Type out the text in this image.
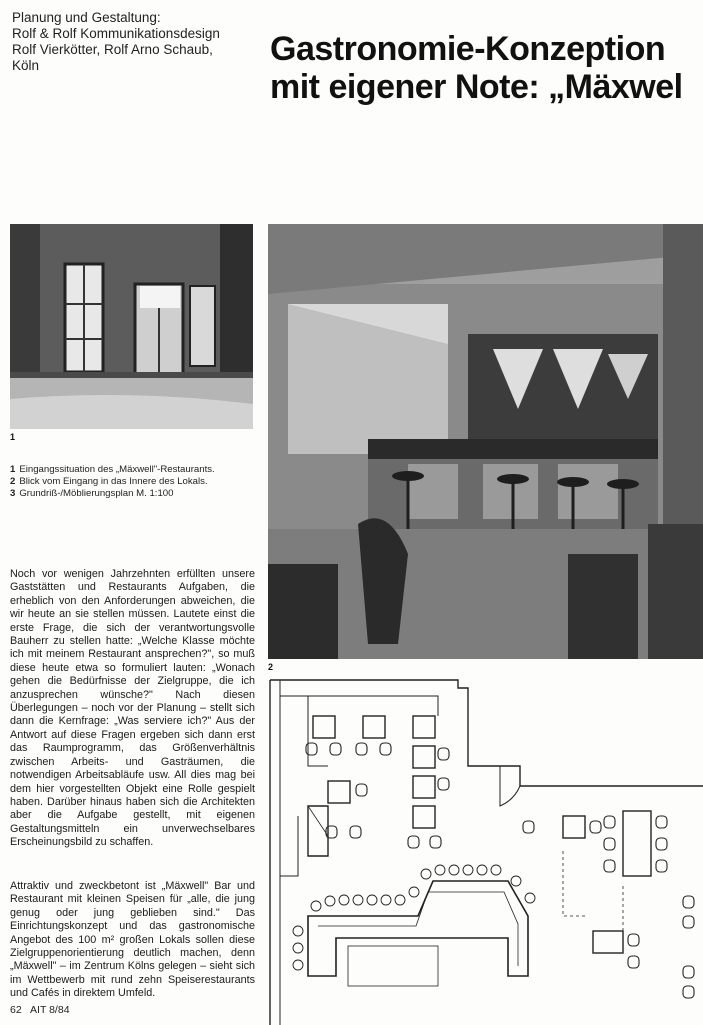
Planung und Gestaltung:
Rolf & Rolf Kommunikationsdesign
Rolf Vierkötter, Rolf Arno Schaub,
Köln	Gastronomie-Konzeption
mit eigener Note: „Mäxwel
1
1 Eingangssituation des „Mäxwell"-Restaurants.
2 Blick vom Eingang in das Innere des Lokals.
3 Grundriß-/Möblierungsplan M. 1:100
2
Noch vor wenigen Jahrzehnten erfüllten unsere Gaststätten und Restaurants Aufgaben, die erheblich von den Anforderungen abweichen, die wir heute an sie stellen müssen. Lautete einst die erste Frage, die sich der verantwortungsvolle Bauherr zu stellen hatte: „Welche Klasse möchte ich mit meinem Restaurant ansprechen?", so muß diese heute etwa so formuliert lauten: „Wonach gehen die Bedürfnisse der Zielgruppe, die ich anzusprechen wünsche?" Nach diesen Überlegungen – noch vor der Planung – stellt sich dann die Kernfrage: „Was serviere ich?" Aus der Antwort auf diese Fragen ergeben sich dann erst das Raumprogramm, das Größenverhältnis zwischen Arbeits- und Gasträumen, die notwendigen Arbeitsabläufe usw. All dies mag bei dem hier vorgestellten Objekt eine Rolle gespielt haben. Darüber hinaus haben sich die Architekten aber die Aufgabe gestellt, mit eigenen Gestaltungsmitteln ein unverwechselbares Erscheinungsbild zu schaffen.
Attraktiv und zweckbetont ist „Mäxwell" Bar und Restaurant mit kleinen Speisen für „alle, die jung genug oder jung geblieben sind." Das Einrichtungskonzept und das gastronomische Angebot des 100 m² großen Lokals sollen diese Zielgruppenorientierung deutlich machen, denn „Mäxwell" – im Zentrum Kölns gelegen – sieht sich im Wettbewerb mit rund zehn Speiserestaurants und Cafés in direktem Umfeld.
62 AIT 8/84
